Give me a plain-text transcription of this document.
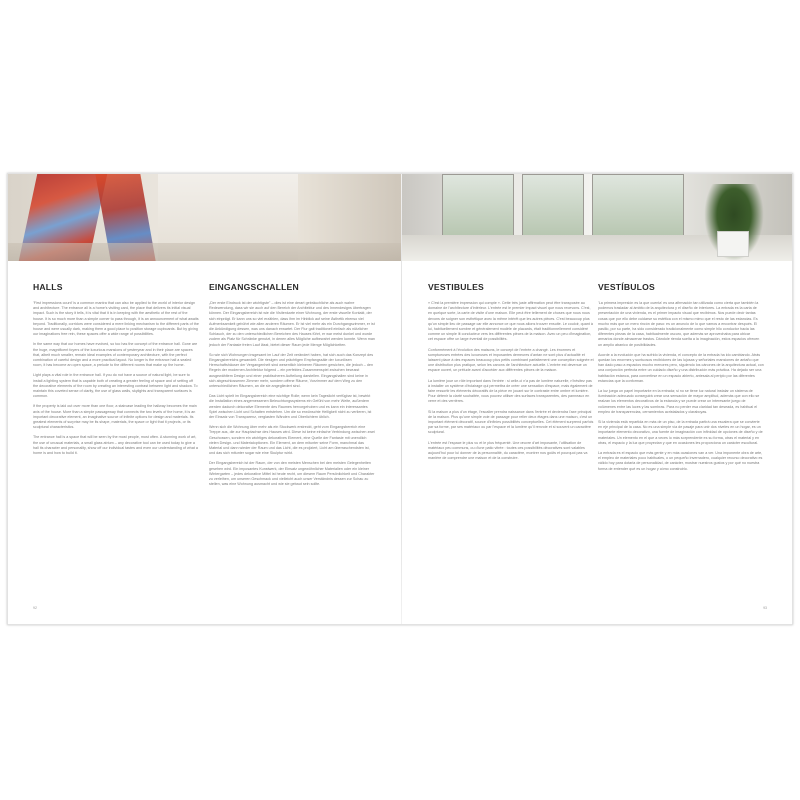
HALLS

'First impressions count' is a common mantra that can also be applied to the world of interior design and architecture. The entrance all is a home's visiting card, the place that delivers its initial visual impact. Such is the story it tells, it is vital that it is in keeping with the aesthetic of the rest of the house. It is so much more than a simple corner to pass through, it is an announcement of what awaits beyond. Traditionally, corridors were considered a mere linking mechanism to the different parts of the house and were usually dark, making them a good place to position storage cupboards. But by giving our imaginations free rein, these spaces offer a wide range of possibilities.

In the same way that our homes have evolved, so too has the concept of the entrance hall. Gone are the huge, magnificent foyers of the luxurious mansions of yesteryear and in their place are spaces that, albeit much smaller, remain ideal examples of contemporary architecture, with the perfect combination of careful design and a more practical layout. No longer is the entrance hall a sealed room, it has become an open space, a prelude to the different rooms that make up the home.

Light plays a vital role in the entrance hall. If you do not have a source of natural light, be sure to install a lighting system that is capable both of creating a greater feeling of space and of setting off the decorative elements of the room by creating an interesting contrast between light and shadow. To maintain this coveted sense of clarity, the use of glass walls, skylights and transparent surfaces is common.

If the property is laid out over more than one floor, a staircase leading the hallway becomes the main axis of the house. More than a simple passageway that connects the two levels of the home, it is an important decorative element, an imaginative source of infinite options for design and materials. Its greatest elements of surprise may be its shape, materials, the space or light that it projects, or its sculptural characteristics.

The entrance hall is a space that will be seen by the most people, most often. A stunning work of art, the use of unusual materials, a small glass atrium – any decorative tool can be used today to give a hall its character and personality, show off our individual tastes and even our understanding of what a home is and how to build it.

EINGANGSCHALLEN

„Der erste Eindruck ist der wichtigste" – dies ist eine derart gebräuchliche als auch wahre Redewendung, dass wir sie auch auf den Bereich der Architektur und des Innendesigns übertragen können. Der Eingangsbereich ist wie die Visitenkarte einer Wohnung, der erste visuelle Kontakt, der sich einprägt. Er kann uns so viel erzählen, dass ihm im Hinblick auf seine Ästhetik ebenso viel Aufmerksamkeit gebührt wie allen anderen Räumen. Er ist viel mehr als ein Durchgangszimmer, er ist die Ankündigung dessen, was uns danach erwartet. Der Flur galt traditionell einfach als nützlicher Schlauch, der zu den unterschiedlichen Bereichen des Hauses führt, er war meist dunkel und wurde zudem als Platz für Schränke genutzt, in denen alles Mögliche aufbewahrt werden konnte. Wenn man jedoch der Fantasie freien Lauf lässt, bietet dieser Raum jede Menge Möglichkeiten.

So wie sich Wohnungen insgesamt im Lauf der Zeit verändert haben, hat sich auch das Konzept des Eingangsbereichs gewandelt. Die riesigen und prächtigen Empfangssäle der luxuriösen Herrschaftshäuser der Vergangenheit sind wesentlich kleineren Räumen gewichen, die jedoch – den Regeln der modernen Architektur folgend – ein perfektes Zusammenspiel zwischen bewusst ausgewähltem Design und einer praktischeren Aufteilung darstellen. Eingangshallen sind keine in sich abgeschlossenen Zimmer mehr, sondern offene Räume, Vorzimmer auf dem Weg zu den unterschiedlichen Räumen, an die sie angegliedert sind.

Das Licht spielt im Eingangsbereich eine wichtige Rolle; wenn kein Tageslicht verfügbar ist, bewirkt die Installation eines angemessenen Beleuchtungssystems ein Gefühl von mehr Weite, außerdem werden dadurch dekorative Elemente des Raumes hervorgehoben und es kann ein interessantes Spiel zwischen Licht und Schatten entstehen. Um die so erwünschte Helligkeit nicht zu verlieren, ist der Einsatz von Transparenz, verglasten Wänden und Oberlichtern üblich.

Wenn sich die Wohnung über mehr als ein Stockwerk erstreckt, geht vom Eingangsbereich eine Treppe aus, die zur Hauptachse des Hauses wird. Diese ist keine einfache Verbindung zwischen zwei Geschossen, sondern ein wichtiges dekoratives Element, eine Quelle der Fantasie mit unendlich vielen Design- und Materialoptionen. Ein Element, an dem mitunter seine Form, manchmal das Material und dann wieder der Raum und das Licht, die es projiziert, Licht am überraschendsten ist, und das sich mitunter sogar wie eine Skulptur wirkt.

Der Eingangsbereich ist der Raum, der von den meisten Menschen bei den meisten Gelegenheiten gesehen wird. Ein imposantes Kunstwerk, der Einsatz ungewöhnlicher Materialien oder ein kleiner Wintergarten – jedes dekorative Mittel ist heute recht, um diesem Raum Persönlichkeit und Charakter zu verleihen, um unseren Geschmack und vielleicht auch unser Verständnis dessen zur Schau zu stellen, was eine Wohnung ausmacht und wie sie gebaut sein sollte.

VESTIBULES

« C'est la première impression qui compte ». Cette très juste affirmation peut être transposée au domaine de l'architecture d'intérieur. L'entrée est le premier impact visuel que nous recevons. C'est, en quelque sorte, la carte de visite d'une maison. Elle peut être tellement de choses que nous nous devons de soigner son esthétique avec la même intérêt que les autres pièces. C'est beaucoup plus qu'un simple lieu de passage car elle annonce ce que nous allons trouver ensuite. Le couloir, quant à lui, habituellement sombre et généralement modèle de placards, était traditionnellement considéré comme un simple lit conducteur vers les différentes pièces de la maison. Avec un peu d'imagination, cet espace offre un large éventail de possibilités.

Conformément à l'évolution des maisons, le concept de l'entrée a changé. Les énormes et somptueuses entrées des luxueuses et imposantes demeures d'antan ne sont plus d'actualité et laissent place à des espaces beaucoup plus petits combinant parfaitement une conception soignée et une distribution plus pratique, selon les canons de l'architecture actuelle. L'entrée est devenue un espace ouvert, un prélude avant d'accéder aux différentes pièces de la maison.

La lumière joue un rôle important dans l'entrée : si celle-ci n'a pas de lumière naturelle, n'hésitez pas à installer un système d'éclairage qui permettra de créer une sensation d'espace, mais également de faire ressortir les éléments décoratifs de la pièce en jouant sur le contraste entre ombre et lumière. Pour détenir la clarté souhaitée, vous pouvez utiliser des surfaces transparentes, des panneaux en verre et des verrières.

Si la maison a plus d'un étage, l'escalier prendra naissance dans l'entrée et deviendra l'axe principal de la maison. Plus qu'une simple voie de passage pour relier deux étages dans une maison, c'est un important élément décoratif, source d'infinies possibilités conceptuelles. Cet élément surprend parfois par sa forme, par ses matériaux ou par l'espace et la lumière qu'il renvoie et si souvent un caractère sculptural.

L'entrée est l'espace le plus vu et le plus fréquenté. Une œuvre d'art imposante, l'utilisation de matériaux peu communs, ou d'une patio vitrée : toutes ces possibilités décoratives sont valables aujourd'hui pour lui donner de la personnalité, du caractère, montrer nos goûts et pourquoi pas va manière de comprendre une maison et de la construire.

VESTÍBULOS

'La primera impresión es la que cuenta' es una afirmación tan utilizada como cierta que también la podemos trasladar al ámbito de la arquitectura y el diseño de interiores. La entrada es la carta de presentación de una vivienda, es el primer impacto visual que recibimos. Nos puede decir tantas cosas que por ello debe cuidarse su estética con el mismo mimo que el resto de las estancias. Es mucho más que un mero rincón de paso: es un anuncio de lo que vamos a encontrar después. El pasillo, por su parte, ha sido considerado tradicionalmente como simple hilo conductor hacia las diferentes piezas de la casa, habitualmente oscuro, que además se aprovechaba para ubicar armarios donde almacenar trastos. Dándole rienda suelta a la imaginación, estos espacios ofrecen un amplio abanico de posibilidades.

Acorde a la evolución que ha sufrido la vivienda, el concepto de la entrada ha ido cambiando. Atrás quedan los enormes y suntuosos recibidores de las lujosas y señoriales mansiones de antaño que han dado paso a espacios mucho menores pero, siguiendo los cánones de la arquitectura actual, con una conjunción perfecta entre un cuidado diseño y una distribución más práctica. Ha dejado ser una habitación estanca, para convertirse en un espacio abierto, antesala al periplo por las diferentes estancias que la conforman.

La luz juega un papel importante en la entrada; si no se tiene luz natural instalar un sistema de iluminación adecuado conseguirá crear una sensación de mayor amplitud, además que con ello se realzan los elementos decorativos de la estancia y se puede crear un interesante juego de volúmenes entre las luces y las sombras. Para no perder esa claridad tan deseada, es habitual el empleo de transparencias, cerramientos acristalados y claraboyas.

Si la vivienda está repartida en más de un piso, de la entrada partirá una escalera que se convierte en eje principal de la casa. No es una simple vía de pasaje para unir dos niveles en un hogar, es un importante elemento decorativo, una fuente de imaginación con infinidad de opciones de diseño y de materiales. Un elemento en el que a veces lo más sorprendente es su forma, otras el material y en otras, el espacio y la luz que proyectan y que en ocasiones les proporciona un carácter escultural.

La entrada es el espacio que más gente y en más ocasiones van a ver. Una imponente obra de arte, el empleo de materiales poco habituales, o un pequeño invernadero, cualquier recurso decorativo es válido hoy para dotarla de personalidad, de carácter, mostrar nuestros gustos y por qué no nuestra forma de entender qué es un hogar y cómo construirlo.

92	93
